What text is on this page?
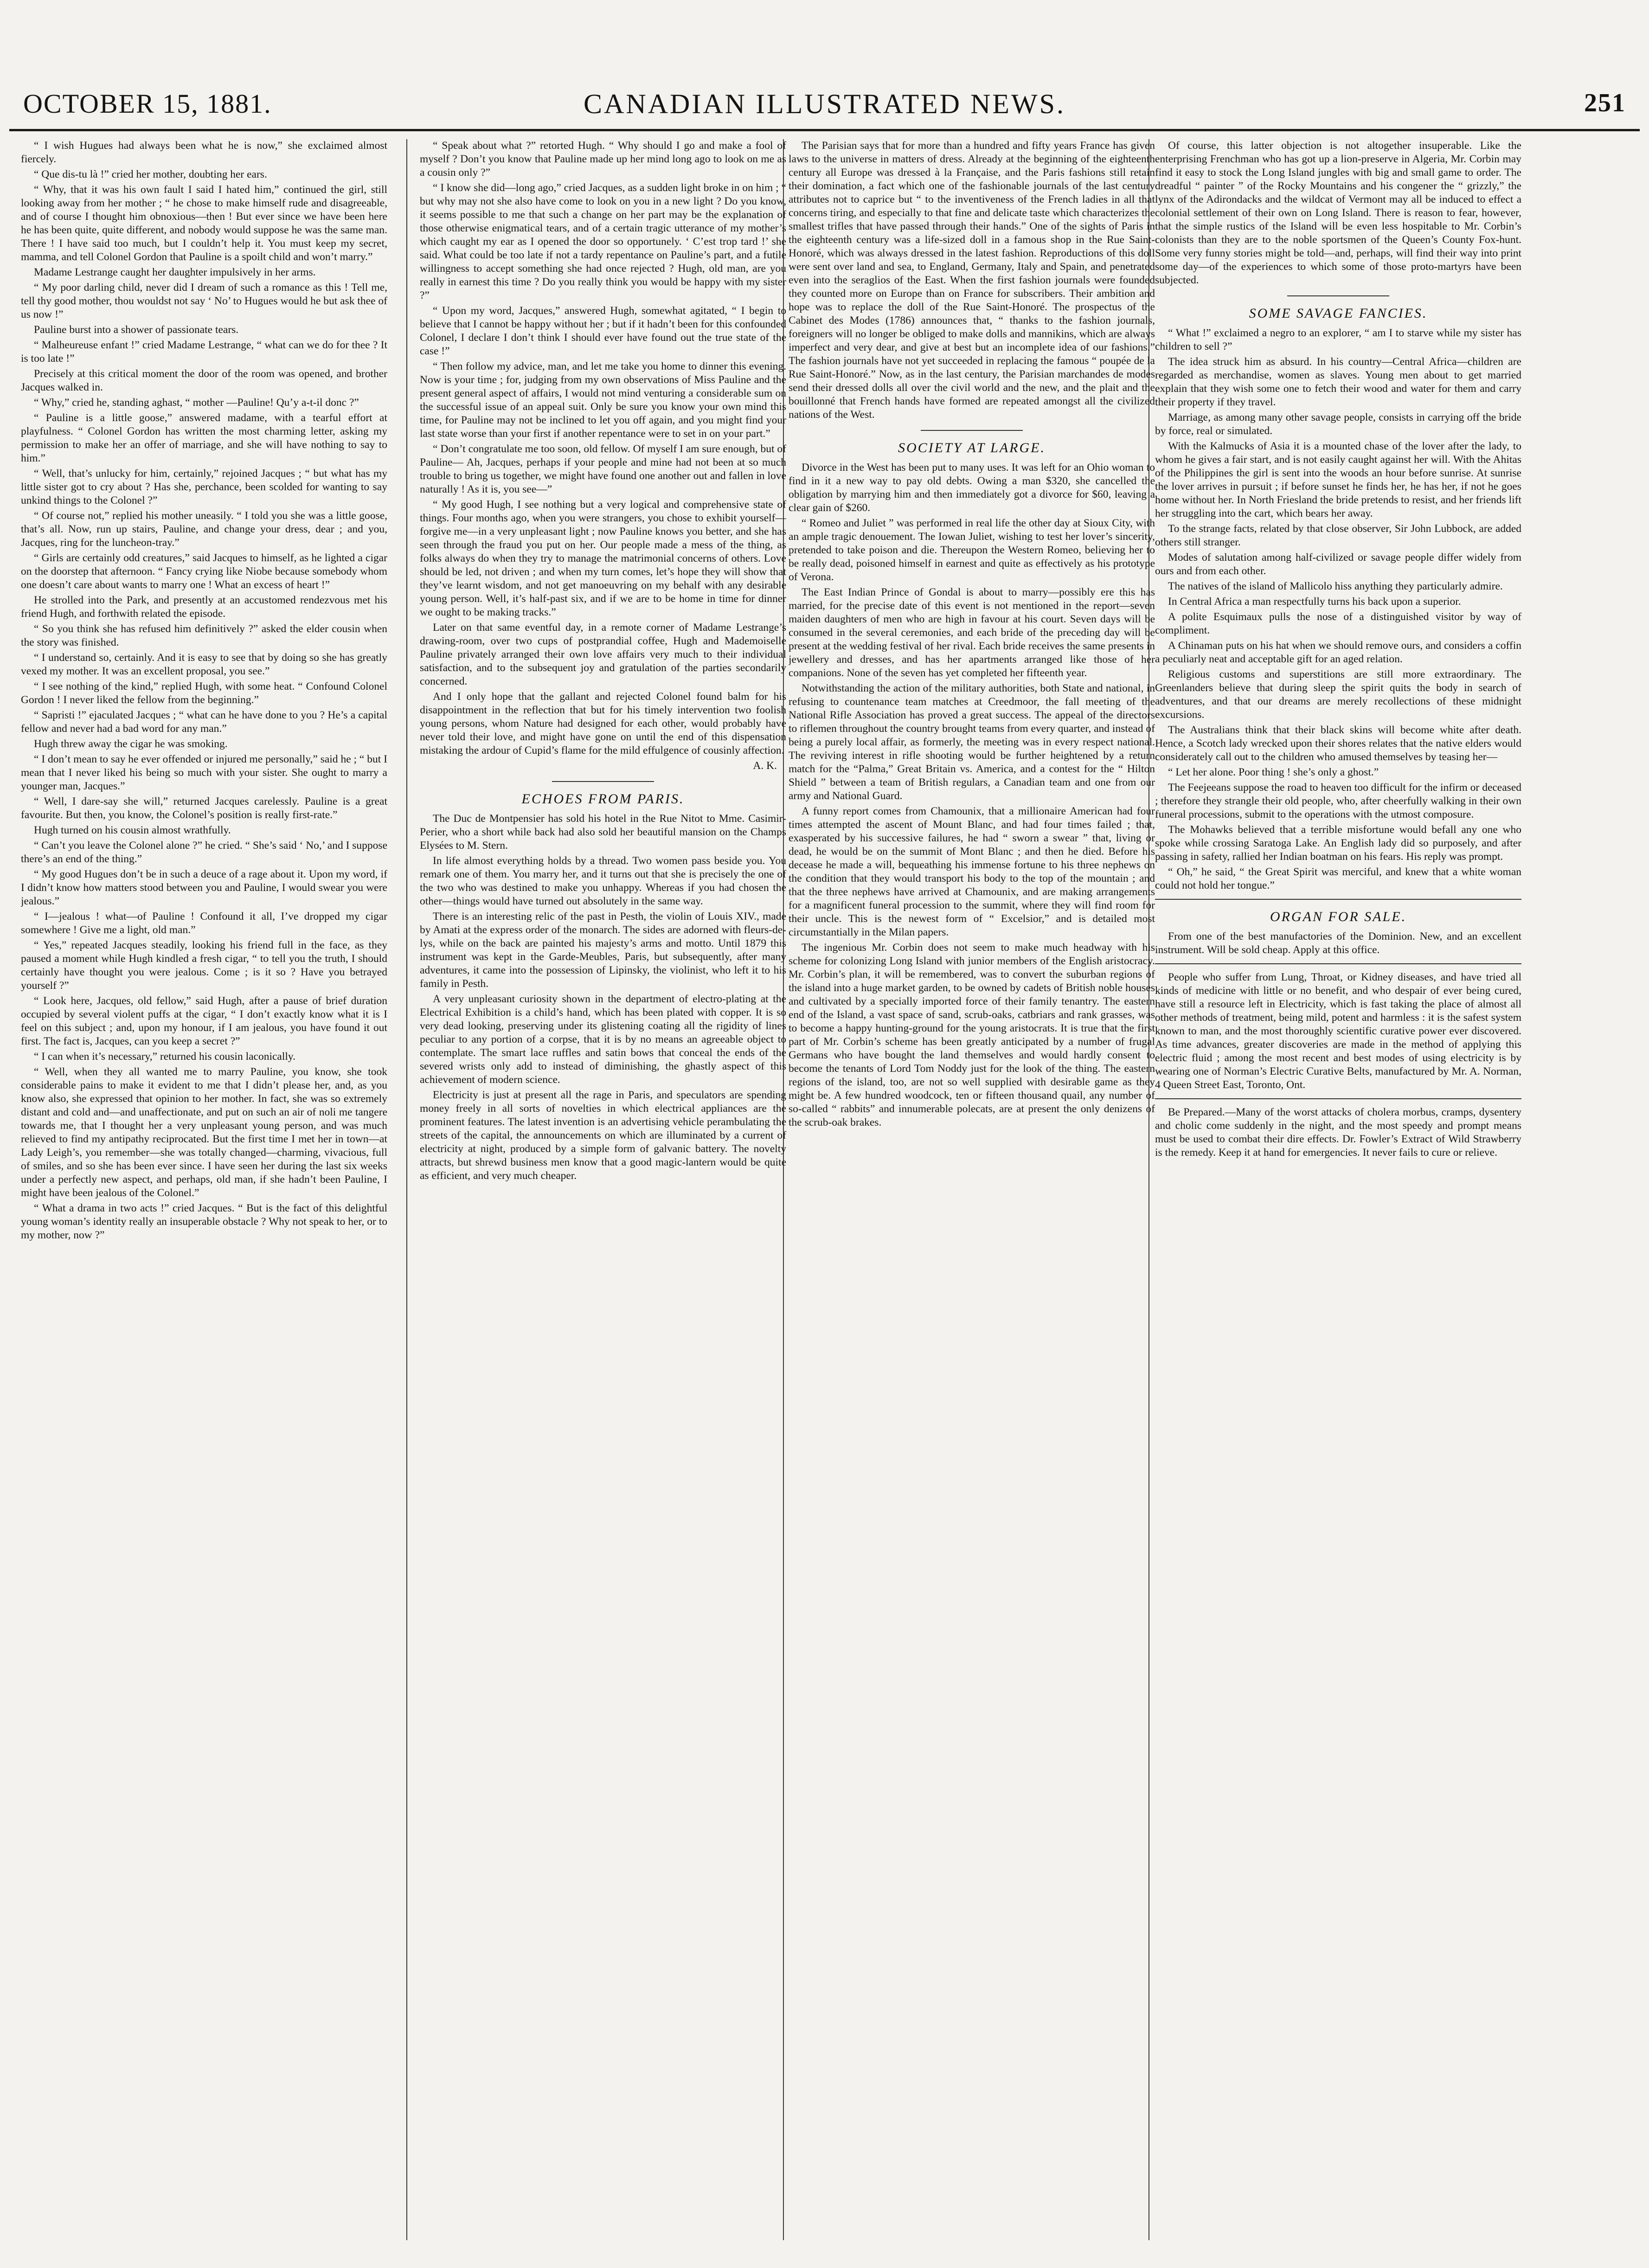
OCTOBER 15, 1881.	CANADIAN ILLUSTRATED NEWS.	251

“ I wish Hugues had always been what he is now,” she exclaimed almost fiercely.

“ Que dis-tu là !” cried her mother, doubting her ears.

“ Why, that it was his own fault I said I hated him,” continued the girl, still looking away from her mother ; “ he chose to make himself rude and disagreeable, and of course I thought him obnoxious—then ! But ever since we have been here he has been quite, quite different, and nobody would suppose he was the same man. There ! I have said too much, but I couldn’t help it. You must keep my secret, mamma, and tell Colonel Gordon that Pauline is a spoilt child and won’t marry.”

Madame Lestrange caught her daughter impulsively in her arms.

“ My poor darling child, never did I dream of such a romance as this ! Tell me, tell thy good mother, thou wouldst not say ‘ No’ to Hugues would he but ask thee of us now !”

Pauline burst into a shower of passionate tears.

“ Malheureuse enfant !” cried Madame Lestrange, “ what can we do for thee ? It is too late !”

Precisely at this critical moment the door of the room was opened, and brother Jacques walked in.

“ Why,” cried he, standing aghast, “ mother —Pauline! Qu’y a-t-il donc ?”

“ Pauline is a little goose,” answered madame, with a tearful effort at playfulness. “ Colonel Gordon has written the most charming letter, asking my permission to make her an offer of marriage, and she will have nothing to say to him.”

“ Well, that’s unlucky for him, certainly,” rejoined Jacques ; “ but what has my little sister got to cry about ? Has she, perchance, been scolded for wanting to say unkind things to the Colonel ?”

“ Of course not,” replied his mother uneasily. “ I told you she was a little goose, that’s all. Now, run up stairs, Pauline, and change your dress, dear ; and you, Jacques, ring for the luncheon-tray.”

“ Girls are certainly odd creatures,” said Jacques to himself, as he lighted a cigar on the doorstep that afternoon. “ Fancy crying like Niobe because somebody whom one doesn’t care about wants to marry one ! What an excess of heart !”

He strolled into the Park, and presently at an accustomed rendezvous met his friend Hugh, and forthwith related the episode.

“ So you think she has refused him definitively ?” asked the elder cousin when the story was finished.

“ I understand so, certainly. And it is easy to see that by doing so she has greatly vexed my mother. It was an excellent proposal, you see.”

“ I see nothing of the kind,” replied Hugh, with some heat. “ Confound Colonel Gordon ! I never liked the fellow from the beginning.”

“ Sapristi !” ejaculated Jacques ; “ what can he have done to you ? He’s a capital fellow and never had a bad word for any man.”

Hugh threw away the cigar he was smoking.

“ I don’t mean to say he ever offended or injured me personally,” said he ; “ but I mean that I never liked his being so much with your sister. She ought to marry a younger man, Jacques.”

“ Well, I dare-say she will,” returned Jacques carelessly. Pauline is a great favourite. But then, you know, the Colonel’s position is really first-rate.”

Hugh turned on his cousin almost wrathfully.

“ Can’t you leave the Colonel alone ?” he cried. “ She’s said ‘ No,’ and I suppose there’s an end of the thing.”

“ My good Hugues don’t be in such a deuce of a rage about it. Upon my word, if I didn’t know how matters stood between you and Pauline, I would swear you were jealous.”

“ I—jealous ! what—of Pauline ! Confound it all, I’ve dropped my cigar somewhere ! Give me a light, old man.”

“ Yes,” repeated Jacques steadily, looking his friend full in the face, as they paused a moment while Hugh kindled a fresh cigar, “ to tell you the truth, I should certainly have thought you were jealous. Come ; is it so ? Have you betrayed yourself ?”

“ Look here, Jacques, old fellow,” said Hugh, after a pause of brief duration occupied by several violent puffs at the cigar, “ I don’t exactly know what it is I feel on this subject ; and, upon my honour, if I am jealous, you have found it out first. The fact is, Jacques, can you keep a secret ?”

“ I can when it’s necessary,” returned his cousin laconically.

“ Well, when they all wanted me to marry Pauline, you know, she took considerable pains to make it evident to me that I didn’t please her, and, as you know also, she expressed that opinion to her mother. In fact, she was so extremely distant and cold and—and unaffectionate, and put on such an air of noli me tangere towards me, that I thought her a very unpleasant young person, and was much relieved to find my antipathy reciprocated. But the first time I met her in town—at Lady Leigh’s, you remember—she was totally changed—charming, vivacious, full of smiles, and so she has been ever since. I have seen her during the last six weeks under a perfectly new aspect, and perhaps, old man, if she hadn’t been Pauline, I might have been jealous of the Colonel.”

“ What a drama in two acts !” cried Jacques. “ But is the fact of this delightful young woman’s identity really an insuperable obstacle ? Why not speak to her, or to my mother, now ?”

“ Speak about what ?” retorted Hugh. “ Why should I go and make a fool of myself ? Don’t you know that Pauline made up her mind long ago to look on me as a cousin only ?”

“ I know she did—long ago,” cried Jacques, as a sudden light broke in on him ; “ but why may not she also have come to look on you in a new light ? Do you know, it seems possible to me that such a change on her part may be the explanation of those otherwise enigmatical tears, and of a certain tragic utterance of my mother’s which caught my ear as I opened the door so opportunely. ‘ C’est trop tard !’ she said. What could be too late if not a tardy repentance on Pauline’s part, and a futile willingness to accept something she had once rejected ? Hugh, old man, are you really in earnest this time ? Do you really think you would be happy with my sister ?”

“ Upon my word, Jacques,” answered Hugh, somewhat agitated, “ I begin to believe that I cannot be happy without her ; but if it hadn’t been for this confounded Colonel, I declare I don’t think I should ever have found out the true state of the case !”

“ Then follow my advice, man, and let me take you home to dinner this evening. Now is your time ; for, judging from my own observations of Miss Pauline and the present general aspect of affairs, I would not mind venturing a considerable sum on the successful issue of an appeal suit. Only be sure you know your own mind this time, for Pauline may not be inclined to let you off again, and you might find your last state worse than your first if another repentance were to set in on your part.”

“ Don’t congratulate me too soon, old fellow. Of myself I am sure enough, but of Pauline— Ah, Jacques, perhaps if your people and mine had not been at so much trouble to bring us together, we might have found one another out and fallen in love naturally ! As it is, you see—”

“ My good Hugh, I see nothing but a very logical and comprehensive state of things. Four months ago, when you were strangers, you chose to exhibit yourself—forgive me—in a very unpleasant light ; now Pauline knows you better, and she has seen through the fraud you put on her. Our people made a mess of the thing, as folks always do when they try to manage the matrimonial concerns of others. Love should be led, not driven ; and when my turn comes, let’s hope they will show that they’ve learnt wisdom, and not get manoeuvring on my behalf with any desirable young person. Well, it’s half-past six, and if we are to be home in time for dinner we ought to be making tracks.”

Later on that same eventful day, in a remote corner of Madame Lestrange’s drawing-room, over two cups of postprandial coffee, Hugh and Mademoiselle Pauline privately arranged their own love affairs very much to their individual satisfaction, and to the subsequent joy and gratulation of the parties secondarily concerned.

And I only hope that the gallant and rejected Colonel found balm for his disappointment in the reflection that but for his timely intervention two foolish young persons, whom Nature had designed for each other, would probably have never told their love, and might have gone on until the end of this dispensation mistaking the ardour of Cupid’s flame for the mild effulgence of cousinly affection.

A. K.

ECHOES FROM PARIS.

The Duc de Montpensier has sold his hotel in the Rue Nitot to Mme. Casimir-Perier, who a short while back had also sold her beautiful mansion on the Champs Elysées to M. Stern.

In life almost everything holds by a thread. Two women pass beside you. You remark one of them. You marry her, and it turns out that she is precisely the one of the two who was destined to make you unhappy. Whereas if you had chosen the other—things would have turned out absolutely in the same way.

There is an interesting relic of the past in Pesth, the violin of Louis XIV., made by Amati at the express order of the monarch. The sides are adorned with fleurs-de-lys, while on the back are painted his majesty’s arms and motto. Until 1879 this instrument was kept in the Garde-Meubles, Paris, but subsequently, after many adventures, it came into the possession of Lipinsky, the violinist, who left it to his family in Pesth.

A very unpleasant curiosity shown in the department of electro-plating at the Electrical Exhibition is a child’s hand, which has been plated with copper. It is so very dead looking, preserving under its glistening coating all the rigidity of lines peculiar to any portion of a corpse, that it is by no means an agreeable object to contemplate. The smart lace ruffles and satin bows that conceal the ends of the severed wrists only add to instead of diminishing, the ghastly aspect of this achievement of modern science.

Electricity is just at present all the rage in Paris, and speculators are spending money freely in all sorts of novelties in which electrical appliances are the prominent features. The latest invention is an advertising vehicle perambulating the streets of the capital, the announcements on which are illuminated by a current of electricity at night, produced by a simple form of galvanic battery. The novelty attracts, but shrewd business men know that a good magic-lantern would be quite as efficient, and very much cheaper.

The Parisian says that for more than a hundred and fifty years France has given laws to the universe in matters of dress. Already at the beginning of the eighteenth century all Europe was dressed à la Française, and the Paris fashions still retain their domination, a fact which one of the fashionable journals of the last century attributes not to caprice but “ to the inventiveness of the French ladies in all that concerns tiring, and especially to that fine and delicate taste which characterizes the smallest trifles that have passed through their hands.” One of the sights of Paris in the eighteenth century was a life-sized doll in a famous shop in the Rue Saint-Honoré, which was always dressed in the latest fashion. Reproductions of this doll were sent over land and sea, to England, Germany, Italy and Spain, and penetrated even into the seraglios of the East. When the first fashion journals were founded they counted more on Europe than on France for subscribers. Their ambition and hope was to replace the doll of the Rue Saint-Honoré. The prospectus of the Cabinet des Modes (1786) announces that, “ thanks to the fashion journals, foreigners will no longer be obliged to make dolls and mannikins, which are always imperfect and very dear, and give at best but an incomplete idea of our fashions.” The fashion journals have not yet succeeded in replacing the famous “ poupée de la Rue Saint-Honoré.” Now, as in the last century, the Parisian marchandes de modes send their dressed dolls all over the civil world and the new, and the plait and the bouillonné that French hands have formed are repeated amongst all the civilized nations of the West.

SOCIETY AT LARGE.

Divorce in the West has been put to many uses. It was left for an Ohio woman to find in it a new way to pay old debts. Owing a man $320, she cancelled the obligation by marrying him and then immediately got a divorce for $60, leaving a clear gain of $260.

“ Romeo and Juliet ” was performed in real life the other day at Sioux City, with an ample tragic denouement. The Iowan Juliet, wishing to test her lover’s sincerity, pretended to take poison and die. Thereupon the Western Romeo, believing her to be really dead, poisoned himself in earnest and quite as effectively as his prototype of Verona.

The East Indian Prince of Gondal is about to marry—possibly ere this has married, for the precise date of this event is not mentioned in the report—seven maiden daughters of men who are high in favour at his court. Seven days will be consumed in the several ceremonies, and each bride of the preceding day will be present at the wedding festival of her rival. Each bride receives the same presents in jewellery and dresses, and has her apartments arranged like those of her companions. None of the seven has yet completed her fifteenth year.

Notwithstanding the action of the military authorities, both State and national, in refusing to countenance team matches at Creedmoor, the fall meeting of the National Rifle Association has proved a great success. The appeal of the directors to riflemen throughout the country brought teams from every quarter, and instead of being a purely local affair, as formerly, the meeting was in every respect national. The reviving interest in rifle shooting would be further heightened by a return match for the “Palma,” Great Britain vs. America, and a contest for the “ Hilton Shield ” between a team of British regulars, a Canadian team and one from our army and National Guard.

A funny report comes from Chamounix, that a millionaire American had four times attempted the ascent of Mount Blanc, and had four times failed ; that, exasperated by his successive failures, he had “ sworn a swear ” that, living or dead, he would be on the summit of Mont Blanc ; and then he died. Before his decease he made a will, bequeathing his immense fortune to his three nephews on the condition that they would transport his body to the top of the mountain ; and that the three nephews have arrived at Chamounix, and are making arrangements for a magnificent funeral procession to the summit, where they will find room for their uncle. This is the newest form of “ Excelsior,” and is detailed most circumstantially in the Milan papers.

The ingenious Mr. Corbin does not seem to make much headway with his scheme for colonizing Long Island with junior members of the English aristocracy. Mr. Corbin’s plan, it will be remembered, was to convert the suburban regions of the island into a huge market garden, to be owned by cadets of British noble houses and cultivated by a specially imported force of their family tenantry. The eastern end of the Island, a vast space of sand, scrub-oaks, catbriars and rank grasses, was to become a happy hunting-ground for the young aristocrats. It is true that the first part of Mr. Corbin’s scheme has been greatly anticipated by a number of frugal Germans who have bought the land themselves and would hardly consent to become the tenants of Lord Tom Noddy just for the look of the thing. The eastern regions of the island, too, are not so well supplied with desirable game as they might be. A few hundred woodcock, ten or fifteen thousand quail, any number of so-called “ rabbits” and innumerable polecats, are at present the only denizens of the scrub-oak brakes.

Of course, this latter objection is not altogether insuperable. Like the enterprising Frenchman who has got up a lion-preserve in Algeria, Mr. Corbin may find it easy to stock the Long Island jungles with big and small game to order. The dreadful “ painter ” of the Rocky Mountains and his congener the “ grizzly,” the lynx of the Adirondacks and the wildcat of Vermont may all be induced to effect a colonial settlement of their own on Long Island. There is reason to fear, however, that the simple rustics of the Island will be even less hospitable to Mr. Corbin’s colonists than they are to the noble sportsmen of the Queen’s County Fox-hunt. Some very funny stories might be told—and, perhaps, will find their way into print some day—of the experiences to which some of those proto-martyrs have been subjected.

SOME SAVAGE FANCIES.

“ What !” exclaimed a negro to an explorer, “ am I to starve while my sister has children to sell ?”

The idea struck him as absurd. In his country—Central Africa—children are regarded as merchandise, women as slaves. Young men about to get married explain that they wish some one to fetch their wood and water for them and carry their property if they travel.

Marriage, as among many other savage people, consists in carrying off the bride by force, real or simulated.

With the Kalmucks of Asia it is a mounted chase of the lover after the lady, to whom he gives a fair start, and is not easily caught against her will. With the Ahitas of the Philippines the girl is sent into the woods an hour before sunrise. At sunrise the lover arrives in pursuit ; if before sunset he finds her, he has her, if not he goes home without her. In North Friesland the bride pretends to resist, and her friends lift her struggling into the cart, which bears her away.

To the strange facts, related by that close observer, Sir John Lubbock, are added others still stranger.

Modes of salutation among half-civilized or savage people differ widely from ours and from each other.

The natives of the island of Mallicolo hiss anything they particularly admire.

In Central Africa a man respectfully turns his back upon a superior.

A polite Esquimaux pulls the nose of a distinguished visitor by way of compliment.

A Chinaman puts on his hat when we should remove ours, and considers a coffin a peculiarly neat and acceptable gift for an aged relation.

Religious customs and superstitions are still more extraordinary. The Greenlanders believe that during sleep the spirit quits the body in search of adventures, and that our dreams are merely recollections of these midnight excursions.

The Australians think that their black skins will become white after death. Hence, a Scotch lady wrecked upon their shores relates that the native elders would considerately call out to the children who amused themselves by teasing her—

“ Let her alone. Poor thing ! she’s only a ghost.”

The Feejeeans suppose the road to heaven too difficult for the infirm or deceased ; therefore they strangle their old people, who, after cheerfully walking in their own funeral processions, submit to the operations with the utmost composure.

The Mohawks believed that a terrible misfortune would befall any one who spoke while crossing Saratoga Lake. An English lady did so purposely, and after passing in safety, rallied her Indian boatman on his fears. His reply was prompt.

“ Oh,” he said, “ the Great Spirit was merciful, and knew that a white woman could not hold her tongue.”

ORGAN FOR SALE.

From one of the best manufactories of the Dominion. New, and an excellent instrument. Will be sold cheap. Apply at this office.

People who suffer from Lung, Throat, or Kidney diseases, and have tried all kinds of medicine with little or no benefit, and who despair of ever being cured, have still a resource left in Electricity, which is fast taking the place of almost all other methods of treatment, being mild, potent and harmless : it is the safest system known to man, and the most thoroughly scientific curative power ever discovered. As time advances, greater discoveries are made in the method of applying this electric fluid ; among the most recent and best modes of using electricity is by wearing one of Norman’s Electric Curative Belts, manufactured by Mr. A. Norman, 4 Queen Street East, Toronto, Ont.

Be Prepared.—Many of the worst attacks of cholera morbus, cramps, dysentery and cholic come suddenly in the night, and the most speedy and prompt means must be used to combat their dire effects. Dr. Fowler’s Extract of Wild Strawberry is the remedy. Keep it at hand for emergencies. It never fails to cure or relieve.
